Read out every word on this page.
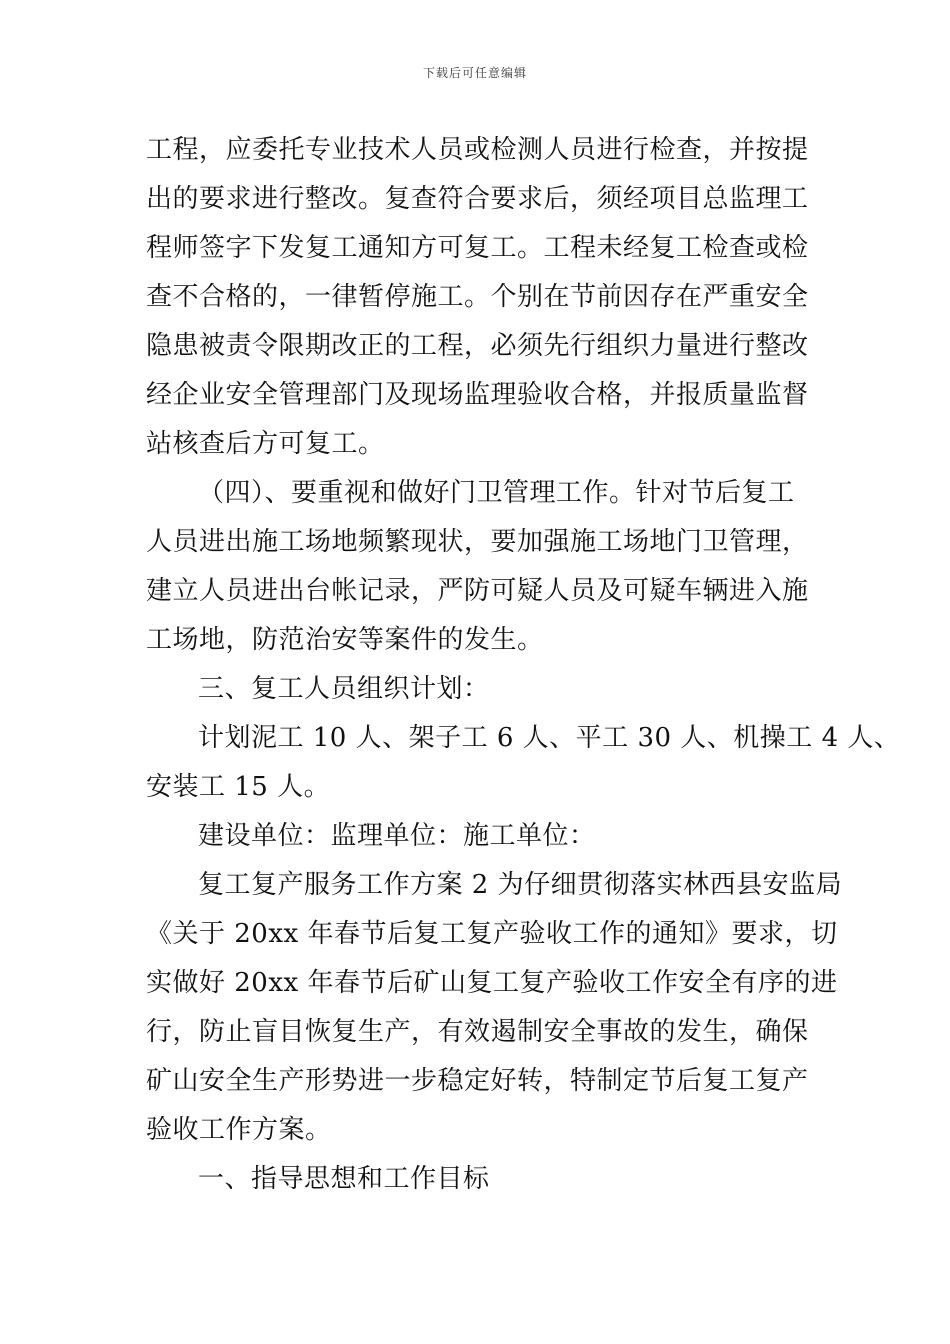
下载后可任意编辑
工程，应委托专业技术人员或检测人员进行检查，并按提
出的要求进行整改。复查符合要求后，须经项目总监理工
程师签字下发复工通知方可复工。工程未经复工检查或检
查不合格的，一律暂停施工。个别在节前因存在严重安全
隐患被责令限期改正的工程，必须先行组织力量进行整改
经企业安全管理部门及现场监理验收合格，并报质量监督
站核查后方可复工。
（四）、要重视和做好门卫管理工作。针对节后复工
人员进出施工场地频繁现状，要加强施工场地门卫管理，
建立人员进出台帐记录，严防可疑人员及可疑车辆进入施
工场地，防范治安等案件的发生。
三、复工人员组织计划：
计划泥工 10 人、架子工 6 人、平工 30 人、机操工 4 人、
安装工 15 人。
建设单位：监理单位：施工单位：
复工复产服务工作方案 2 为仔细贯彻落实林西县安监局
《关于 20xx 年春节后复工复产验收工作的通知》要求，切
实做好 20xx 年春节后矿山复工复产验收工作安全有序的进
行，防止盲目恢复生产，有效遏制安全事故的发生，确保
矿山安全生产形势进一步稳定好转，特制定节后复工复产
验收工作方案。
一、指导思想和工作目标
